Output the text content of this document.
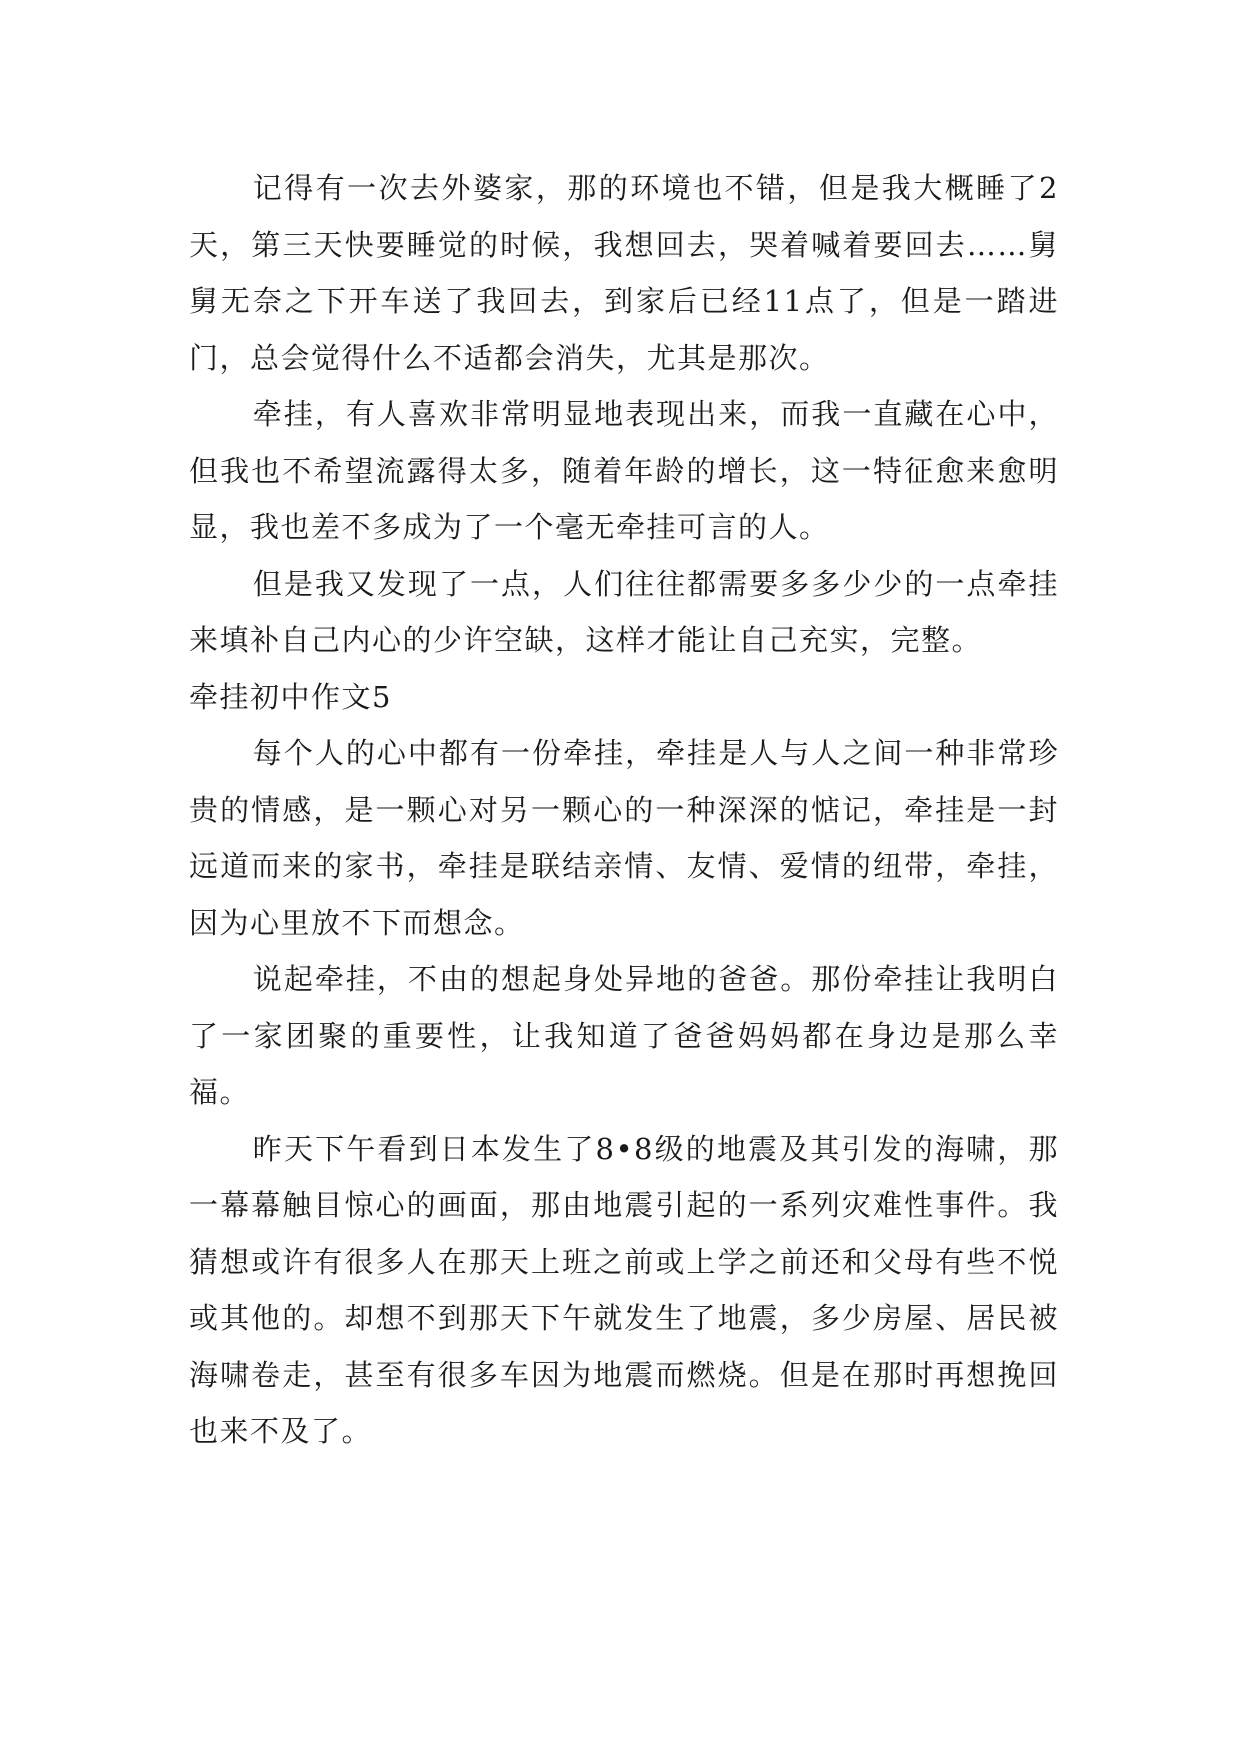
记得有一次去外婆家，那的环境也不错，但是我大概睡了2天，第三天快要睡觉的时候，我想回去，哭着喊着要回去……舅舅无奈之下开车送了我回去，到家后已经11点了，但是一踏进门，总会觉得什么不适都会消失，尤其是那次。

牵挂，有人喜欢非常明显地表现出来，而我一直藏在心中，但我也不希望流露得太多，随着年龄的增长，这一特征愈来愈明显，我也差不多成为了一个毫无牵挂可言的人。

但是我又发现了一点，人们往往都需要多多少少的一点牵挂来填补自己内心的少许空缺，这样才能让自己充实，完整。

牵挂初中作文5

每个人的心中都有一份牵挂，牵挂是人与人之间一种非常珍贵的情感，是一颗心对另一颗心的一种深深的惦记，牵挂是一封远道而来的家书，牵挂是联结亲情、友情、爱情的纽带，牵挂，因为心里放不下而想念。

说起牵挂，不由的想起身处异地的爸爸。那份牵挂让我明白了一家团聚的重要性，让我知道了爸爸妈妈都在身边是那么幸福。

昨天下午看到日本发生了8•8级的地震及其引发的海啸，那一幕幕触目惊心的画面，那由地震引起的一系列灾难性事件。我猜想或许有很多人在那天上班之前或上学之前还和父母有些不悦或其他的。却想不到那天下午就发生了地震，多少房屋、居民被海啸卷走，甚至有很多车因为地震而燃烧。但是在那时再想挽回也来不及了。
